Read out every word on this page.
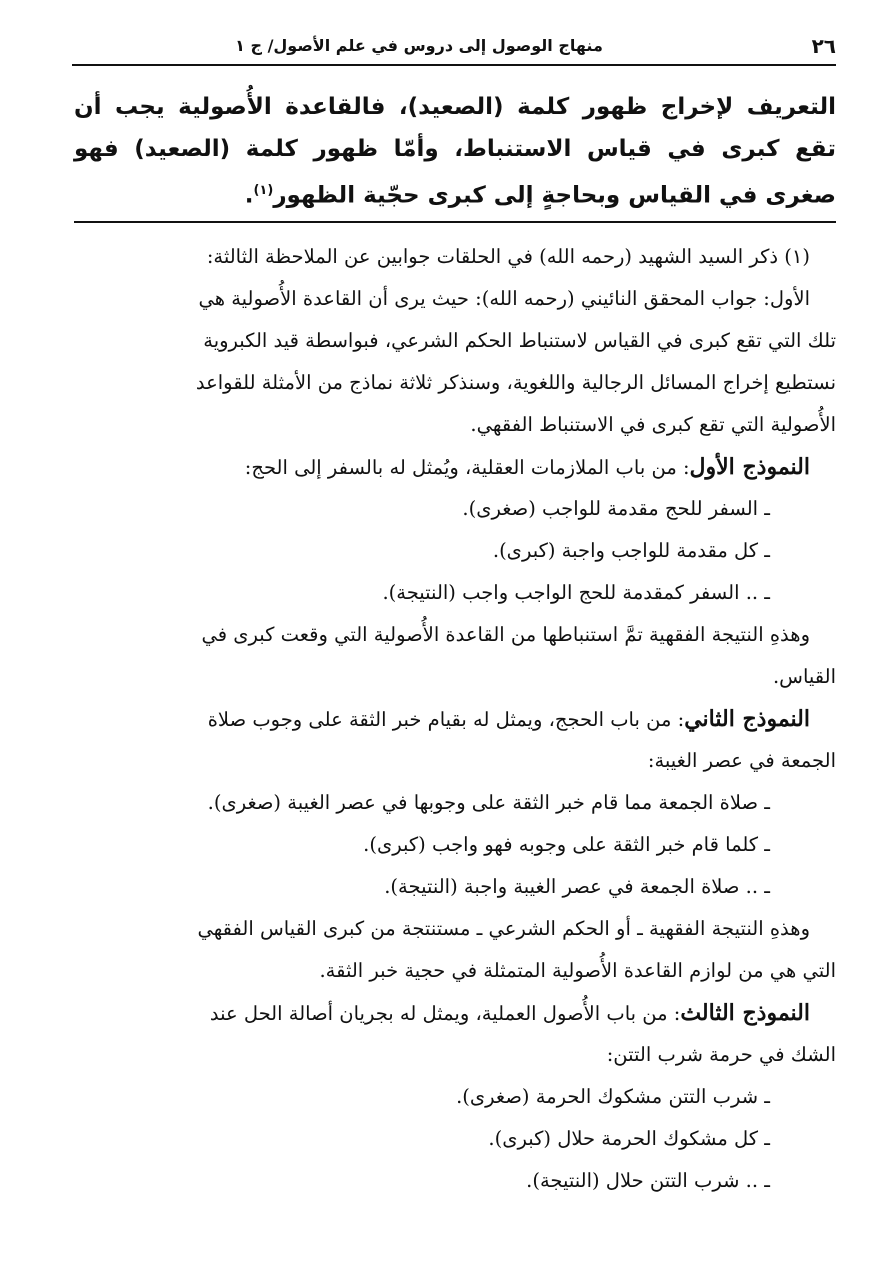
٢٦
منهاج الوصول إلى دروس في علم الأصول/ ج ١
التعريف لإخراج ظهور كلمة (الصعيد)، فالقاعدة الأُصولية يجب أن تقع كبرى في قياس الاستنباط، وأمّا ظهور كلمة (الصعيد) فهو صغرى في القياس وبحاجةٍ إلى كبرى حجّية الظهور$^{(١)}$.
(١) ذكر السيد الشهيد (رحمه الله) في الحلقات جوابين عن الملاحظة الثالثة:
الأول: جواب المحقق النائيني (رحمه الله): حيث يرى أن القاعدة الأُصولية هي
تلك التي تقع كبرى في القياس لاستنباط الحكم الشرعي، فبواسطة قيد الكبروية
نستطيع إخراج المسائل الرجالية واللغوية، وسنذكر ثلاثة نماذج من الأمثلة للقواعد
الأُصولية التي تقع كبرى في الاستنباط الفقهي.
النموذج الأول: من باب الملازمات العقلية، ويُمثل له بالسفر إلى الحج:
ـ السفر للحج مقدمة للواجب (صغرى).
ـ كل مقدمة للواجب واجبة (كبرى).
ـ .. السفر كمقدمة للحج الواجب واجب (النتيجة).
وهذهِ النتيجة الفقهية تمَّ استنباطها من القاعدة الأُصولية التي وقعت كبرى في
القياس.
النموذج الثاني: من باب الحجج، ويمثل له بقيام خبر الثقة على وجوب صلاة
الجمعة في عصر الغيبة:
ـ صلاة الجمعة مما قام خبر الثقة على وجوبها في عصر الغيبة (صغرى).
ـ كلما قام خبر الثقة على وجوبه فهو واجب (كبرى).
ـ .. صلاة الجمعة في عصر الغيبة واجبة (النتيجة).
وهذهِ النتيجة الفقهية ـ أو الحكم الشرعي ـ مستنتجة من كبرى القياس الفقهي
التي هي من لوازم القاعدة الأُصولية المتمثلة في حجية خبر الثقة.
النموذج الثالث: من باب الأُصول العملية، ويمثل له بجريان أصالة الحل عند
الشك في حرمة شرب التتن:
ـ شرب التتن مشكوك الحرمة (صغرى).
ـ كل مشكوك الحرمة حلال (كبرى).
ـ .. شرب التتن حلال (النتيجة).
